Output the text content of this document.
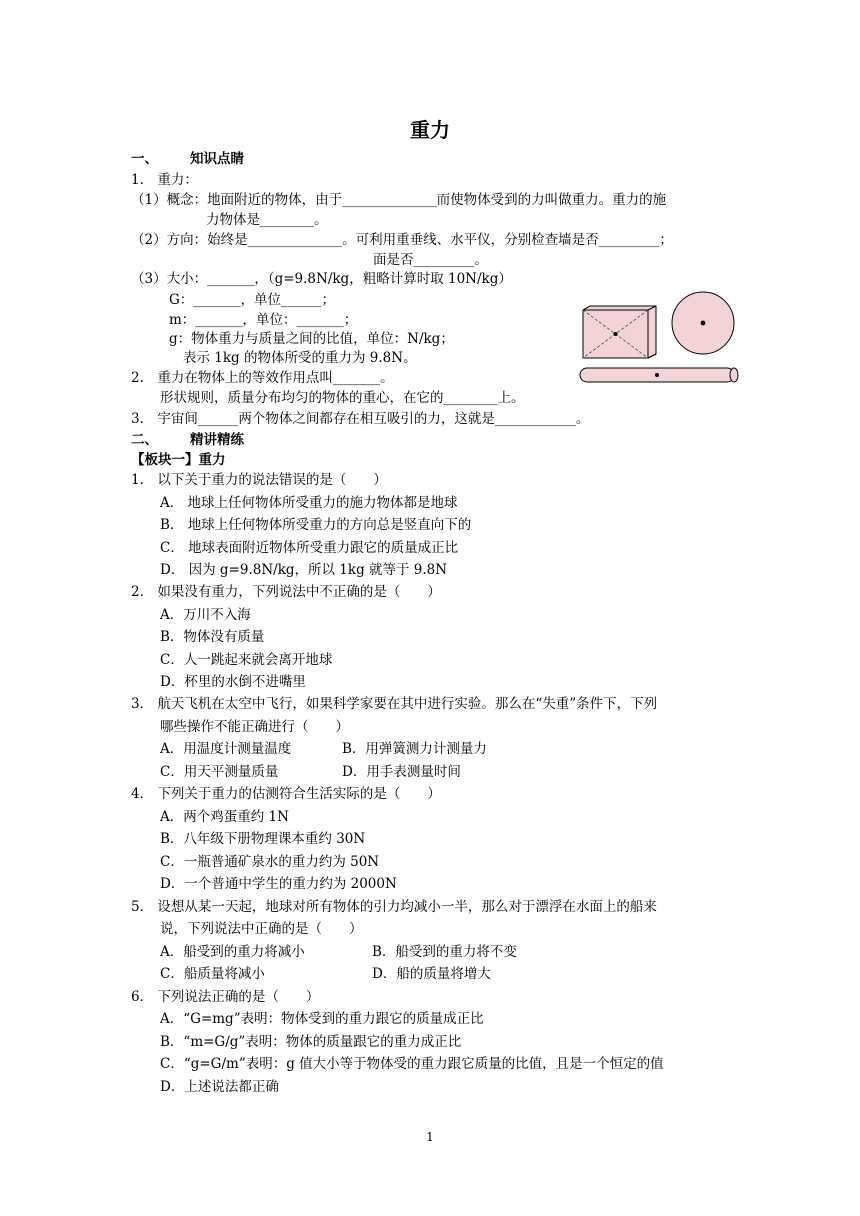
重力
一、 知识点睛
1.　重力：
（1）概念：地面附近的物体，由于______________而使物体受到的力叫做重力。重力的施
力物体是________。
（2）方向：始终是______________。可利用重垂线、水平仪，分别检查墙是否_________；
面是否_________。
（3）大小：_______，（g=9.8N/kg，粗略计算时取 10N/kg）
G：_______，单位______；
m：_______，单位：_______；
g：物体重力与质量之间的比值，单位：N/kg；
表示 1kg 的物体所受的重力为 9.8N。
2.　重力在物体上的等效作用点叫_______。
形状规则，质量分布均匀的物体的重心，在它的________上。
3.　宇宙间______两个物体之间都存在相互吸引的力，这就是____________。
二、 精讲精练
【板块一】重力
1． 以下关于重力的说法错误的是（　　）
A． 地球上任何物体所受重力的施力物体都是地球
B． 地球上任何物体所受重力的方向总是竖直向下的
C． 地球表面附近物体所受重力跟它的质量成正比
D． 因为 g=9.8N/kg，所以 1kg 就等于 9.8N
2． 如果没有重力，下列说法中不正确的是（　　）
A．万川不入海
B．物体没有质量
C．人一跳起来就会离开地球
D．杯里的水倒不进嘴里
3． 航天飞机在太空中飞行，如果科学家要在其中进行实验。那么在“失重”条件下，下列
哪些操作不能正确进行（　　）
A．用温度计测量温度	B．用弹簧测力计测量力
C．用天平测量质量	D．用手表测量时间
4． 下列关于重力的估测符合生活实际的是（　　）
A．两个鸡蛋重约 1N
B．八年级下册物理课本重约 30N
C．一瓶普通矿泉水的重力约为 50N
D．一个普通中学生的重力约为 2000N
5． 设想从某一天起，地球对所有物体的引力均减小一半，那么对于漂浮在水面上的船来
说，下列说法中正确的是（　　）
A．船受到的重力将减小	B．船受到的重力将不变
C．船质量将减小	D．船的质量将增大
6． 下列说法正确的是（　　）
A．“G=mg”表明：物体受到的重力跟它的质量成正比
B．“m=G/g”表明：物体的质量跟它的重力成正比
C．“g=G/m”表明：g 值大小等于物体受的重力跟它质量的比值，且是一个恒定的值
D．上述说法都正确
1
